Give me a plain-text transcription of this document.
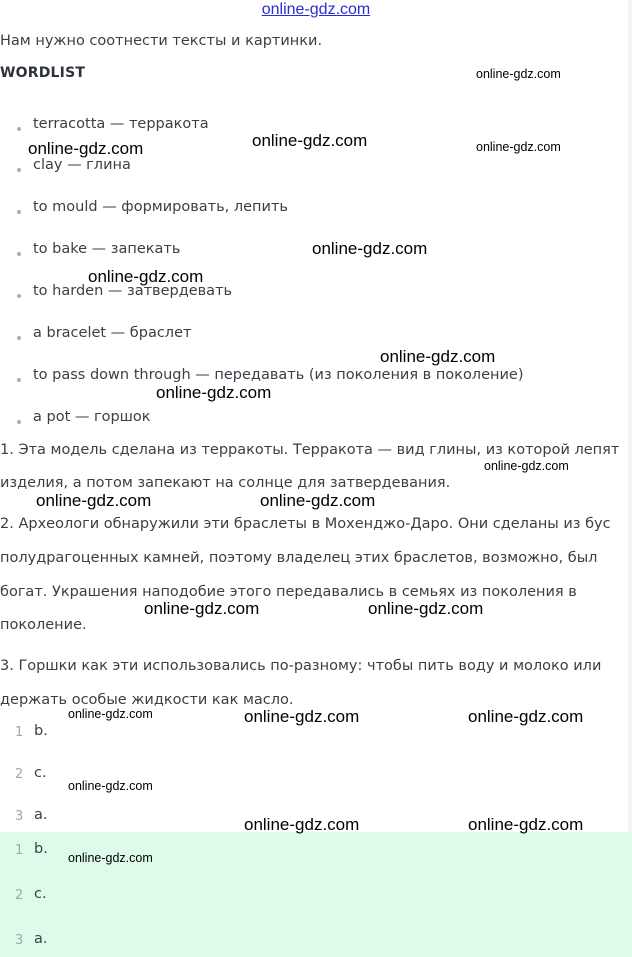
online-gdz.com
Нам нужно соотнести тексты и картинки.
WORDLIST
terracotta — терракота
clay — глина
to mould — формировать, лепить
to bake — запекать
to harden — затвердевать
a bracelet — браслет
to pass down through — передавать (из поколения в поколение)
a pot — горшок
1. Эта модель сделана из терракоты. Терракота — вид глины, из которой лепят
изделия, а потом запекают на солнце для затвердевания.
2. Археологи обнаружили эти браслеты в Мохенджо-Даро. Они сделаны из бус
полудрагоценных камней, поэтому владелец этих браслетов, возможно, был
богат. Украшения наподобие этого передавались в семьях из поколения в
поколение.
3. Горшки как эти использовались по-разному: чтобы пить воду и молоко или
держать особые жидкости как масло.
1 b.
2 c.
3 a.
1 b.
2 c.
3 a.
online-gdz.com
online-gdz.com	online-gdz.com	online-gdz.com
online-gdz.com
online-gdz.com
online-gdz.com
online-gdz.com
online-gdz.com
online-gdz.com	online-gdz.com
online-gdz.com	online-gdz.com
online-gdz.com	online-gdz.com	online-gdz.com
online-gdz.com
online-gdz.com	online-gdz.com
online-gdz.com
